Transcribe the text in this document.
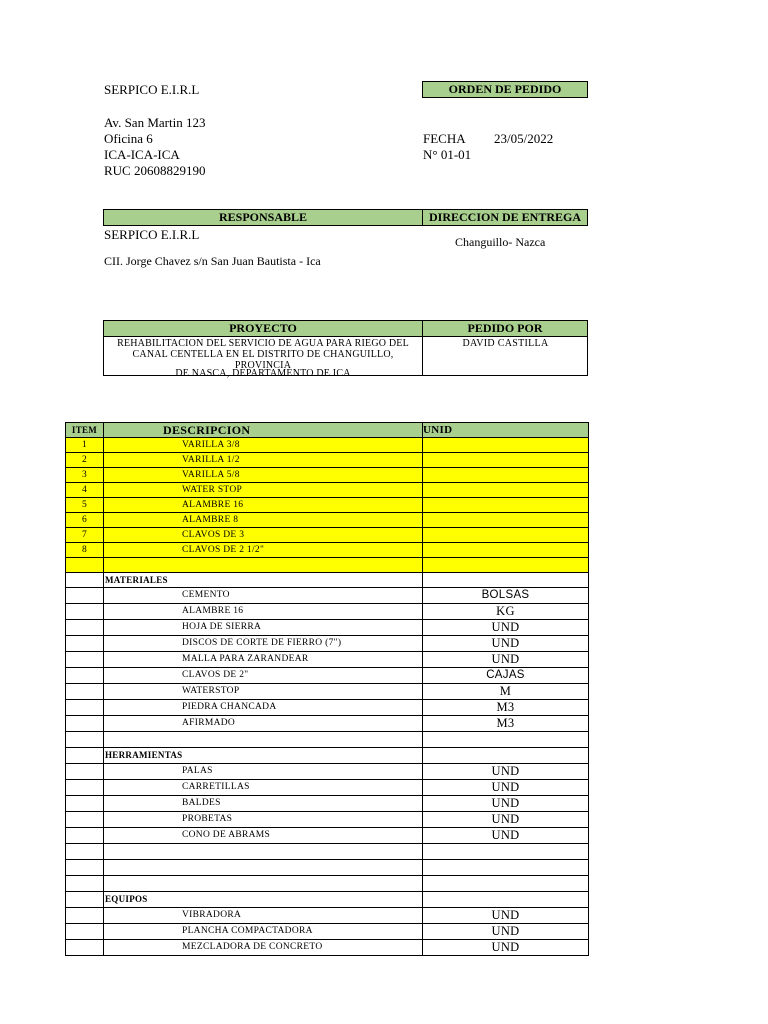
SERPICO E.I.R.L
Av. San Martin 123
Oficina 6
ICA-ICA-ICA
RUC 20608829190
ORDEN DE PEDIDO
FECHA 23/05/2022
N° 01-01
RESPONSABLE	DIRECCION DE ENTREGA
SERPICO E.I.R.L
CII. Jorge Chavez s/n San Juan Bautista - Ica
Changuillo- Nazca
PROYECTO	PEDIDO POR
REHABILITACION DEL SERVICIO DE AGUA PARA RIEGO DEL
CANAL CENTELLA EN EL DISTRITO DE CHANGUILLO,
PROVINCIA
DE NASCA, DEPARTAMENTO DE ICA
DAVID CASTILLA
ITEM	DESCRIPCION	UNID
1	VARILLA 3/8	
2	VARILLA 1/2	
3	VARILLA 5/8	
4	WATER STOP	
5	ALAMBRE 16	
6	ALAMBRE 8	
7	CLAVOS DE 3	
8	CLAVOS DE 2 1/2"	

	MATERIALES	
	CEMENTO	BOLSAS
	ALAMBRE 16	KG
	HOJA DE SIERRA	UND
	DISCOS DE CORTE DE FIERRO (7")	UND
	MALLA PARA ZARANDEAR	UND
	CLAVOS DE 2"	CAJAS
	WATERSTOP	M
	PIEDRA CHANCADA	M3
	AFIRMADO	M3

	HERRAMIENTAS	
	PALAS	UND
	CARRETILLAS	UND
	BALDES	UND
	PROBETAS	UND
	CONO DE ABRAMS	UND

	EQUIPOS	
	VIBRADORA	UND
	PLANCHA COMPACTADORA	UND
	MEZCLADORA DE CONCRETO	UND
